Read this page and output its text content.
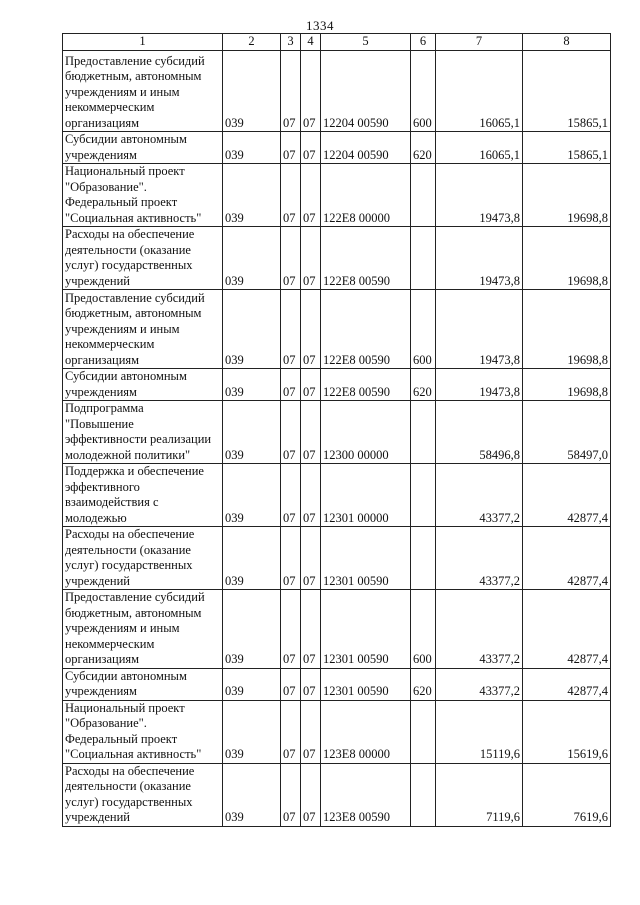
1334
1	2	3	4	5	6	7	8

Предоставление субсидий
бюджетным, автономным
учреждениям и иным
некоммерческим
организациям	039	07	07	12204 00590	600	16065,1	15865,1

Субсидии автономным
учреждениям	039	07	07	12204 00590	620	16065,1	15865,1

Национальный проект
"Образование".
Федеральный проект
"Социальная активность"	039	07	07	122Е8 00000		19473,8	19698,8

Расходы на обеспечение
деятельности (оказание
услуг) государственных
учреждений	039	07	07	122Е8 00590		19473,8	19698,8

Предоставление субсидий
бюджетным, автономным
учреждениям и иным
некоммерческим
организациям	039	07	07	122Е8 00590	600	19473,8	19698,8

Субсидии автономным
учреждениям	039	07	07	122Е8 00590	620	19473,8	19698,8

Подпрограмма
"Повышение
эффективности реализации
молодежной политики"	039	07	07	12300 00000		58496,8	58497,0

Поддержка и обеспечение
эффективного
взаимодействия с
молодежью	039	07	07	12301 00000		43377,2	42877,4

Расходы на обеспечение
деятельности (оказание
услуг) государственных
учреждений	039	07	07	12301 00590		43377,2	42877,4

Предоставление субсидий
бюджетным, автономным
учреждениям и иным
некоммерческим
организациям	039	07	07	12301 00590	600	43377,2	42877,4

Субсидии автономным
учреждениям	039	07	07	12301 00590	620	43377,2	42877,4

Национальный проект
"Образование".
Федеральный проект
"Социальная активность"	039	07	07	123Е8 00000		15119,6	15619,6

Расходы на обеспечение
деятельности (оказание
услуг) государственных
учреждений	039	07	07	123Е8 00590		7119,6	7619,6
